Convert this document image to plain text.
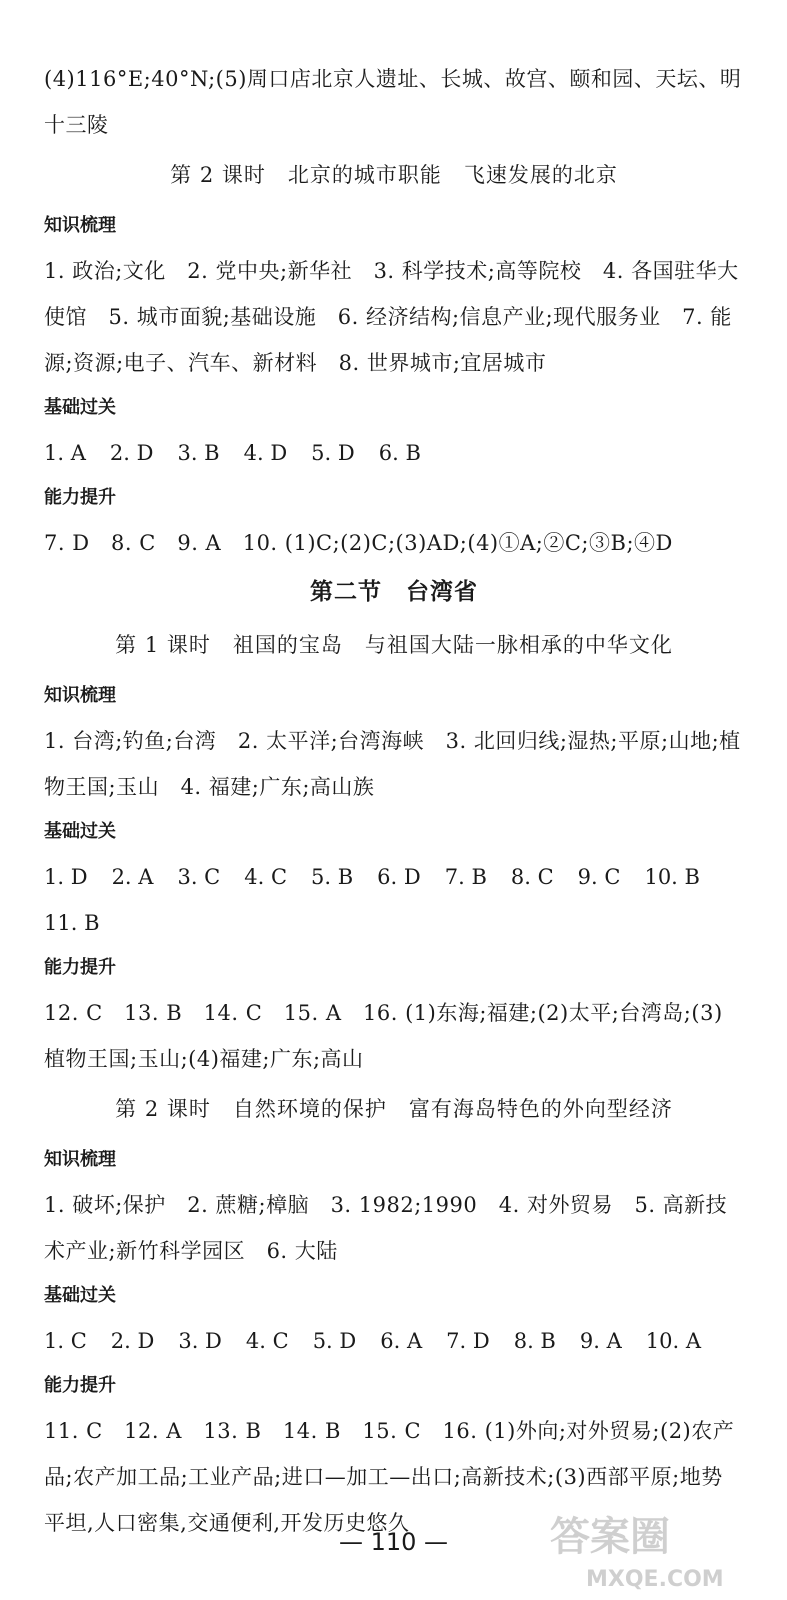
(4)116°E;40°N;(5)周口店北京人遗址、长城、故宫、颐和园、天坛、明十三陵

第 2 课时　北京的城市职能　飞速发展的北京

知识梳理

1. 政治;文化　2. 党中央;新华社　3. 科学技术;高等院校　4. 各国驻华大使馆　5. 城市面貌;基础设施　6. 经济结构;信息产业;现代服务业　7. 能源;资源;电子、汽车、新材料　8. 世界城市;宜居城市

基础过关

1. A 2. D 3. B 4. D 5. D 6. B

能力提升

7. D　8. C　9. A　10. (1)C;(2)C;(3)AD;(4)①A;②C;③B;④D

第二节　台湾省

第 1 课时　祖国的宝岛　与祖国大陆一脉相承的中华文化

知识梳理

1. 台湾;钓鱼;台湾　2. 太平洋;台湾海峡　3. 北回归线;湿热;平原;山地;植物王国;玉山　4. 福建;广东;高山族

基础过关

1. D 2. A 3. C 4. C 5. B 6. D 7. B 8. C 9. C 10. B
11. B

能力提升

12. C　13. B　14. C　15. A　16. (1)东海;福建;(2)太平;台湾岛;(3)植物王国;玉山;(4)福建;广东;高山

第 2 课时　自然环境的保护　富有海岛特色的外向型经济

知识梳理

1. 破坏;保护　2. 蔗糖;樟脑　3. 1982;1990　4. 对外贸易　5. 高新技术产业;新竹科学园区　6. 大陆

基础过关

1. C 2. D 3. D 4. C 5. D 6. A 7. D 8. B 9. A 10. A

能力提升

11. C　12. A　13. B　14. B　15. C　16. (1)外向;对外贸易;(2)农产品;农产加工品;工业产品;进口—加工—出口;高新技术;(3)西部平原;地势平坦,人口密集,交通便利,开发历史悠久

— 110 —	答案圈
MXQE.COM
